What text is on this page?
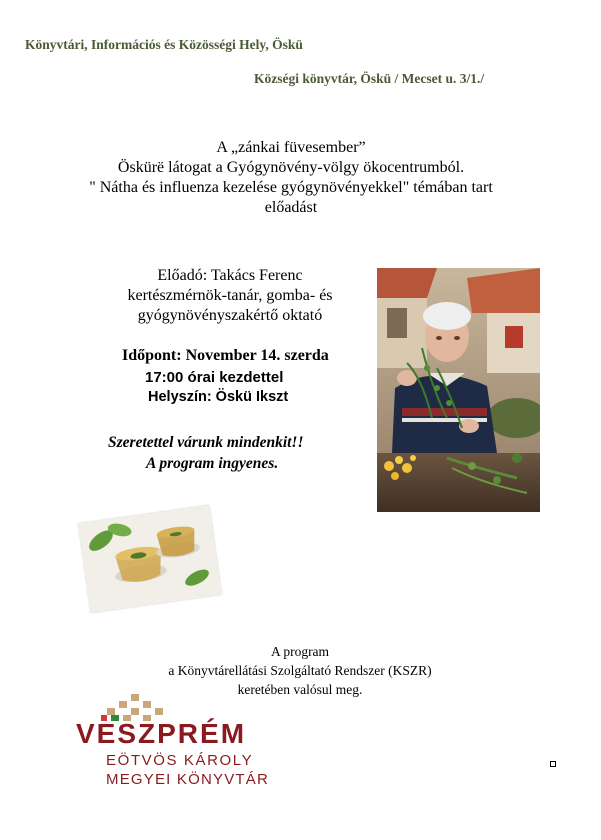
Könyvtári, Információs és Közösségi Hely, Öskü
Községi könyvtár, Öskü / Mecset u. 3/1./
A „zánkai füvesember”
Öskürë látogat a Gyógynövény-völgy ökocentrumból.
" Nátha és influenza kezelése gyógynövényekkel" témában tart
előadást
Előadó: Takács Ferenc
kertészmérnök-tanár, gomba- és
gyógynövényszakértő oktató
Időpont: November 14. szerda
17:00 órai kezdettel
Helyszín: Öskü Ikszt
Szeretettel várunk mindenkit!!
A program ingyenes.
A program
a Könyvtárellátási Szolgáltató Rendszer (KSZR)
keretében valósul meg.
VESZPRÉM
EÖTVÖS KÁROLY
MEGYEI KÖNYVTÁR
